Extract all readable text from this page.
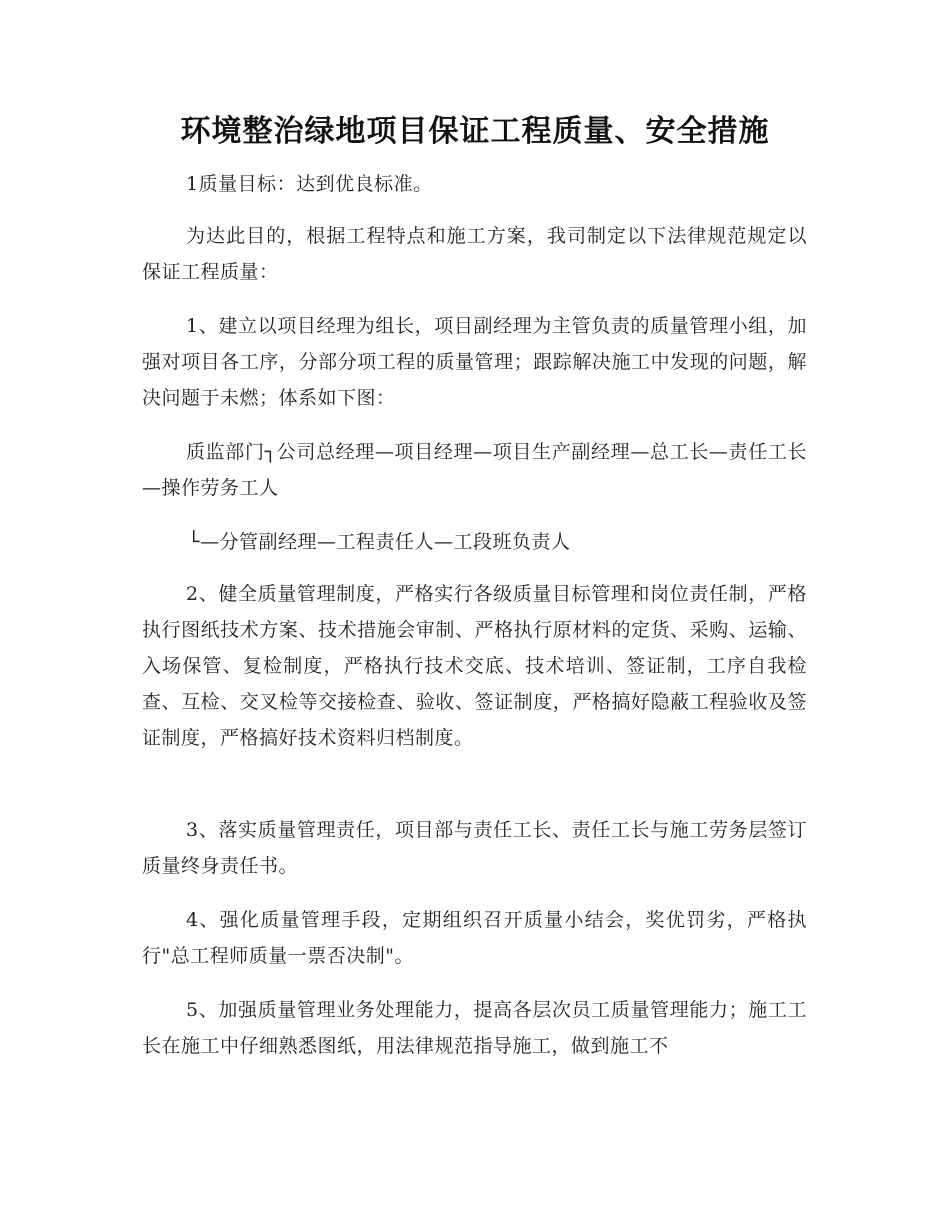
环境整治绿地项目保证工程质量、安全措施

1质量目标：达到优良标准。

为达此目的，根据工程特点和施工方案，我司制定以下法律规范规定以保证工程质量：

1、建立以项目经理为组长，项目副经理为主管负责的质量管理小组，加强对项目各工序，分部分项工程的质量管理；跟踪解决施工中发现的问题，解决问题于未燃；体系如下图：

质监部门┐公司总经理—项目经理—项目生产副经理—总工长—责任工长—操作劳务工人

└—分管副经理—工程责任人—工段班负责人

2、健全质量管理制度，严格实行各级质量目标管理和岗位责任制，严格执行图纸技术方案、技术措施会审制、严格执行原材料的定货、采购、运输、入场保管、复检制度，严格执行技术交底、技术培训、签证制，工序自我检查、互检、交叉检等交接检查、验收、签证制度，严格搞好隐蔽工程验收及签证制度，严格搞好技术资料归档制度。

3、落实质量管理责任，项目部与责任工长、责任工长与施工劳务层签订质量终身责任书。

4、强化质量管理手段，定期组织召开质量小结会，奖优罚劣，严格执行"总工程师质量一票否决制"。

5、加强质量管理业务处理能力，提高各层次员工质量管理能力；施工工长在施工中仔细熟悉图纸，用法律规范指导施工，做到施工不
